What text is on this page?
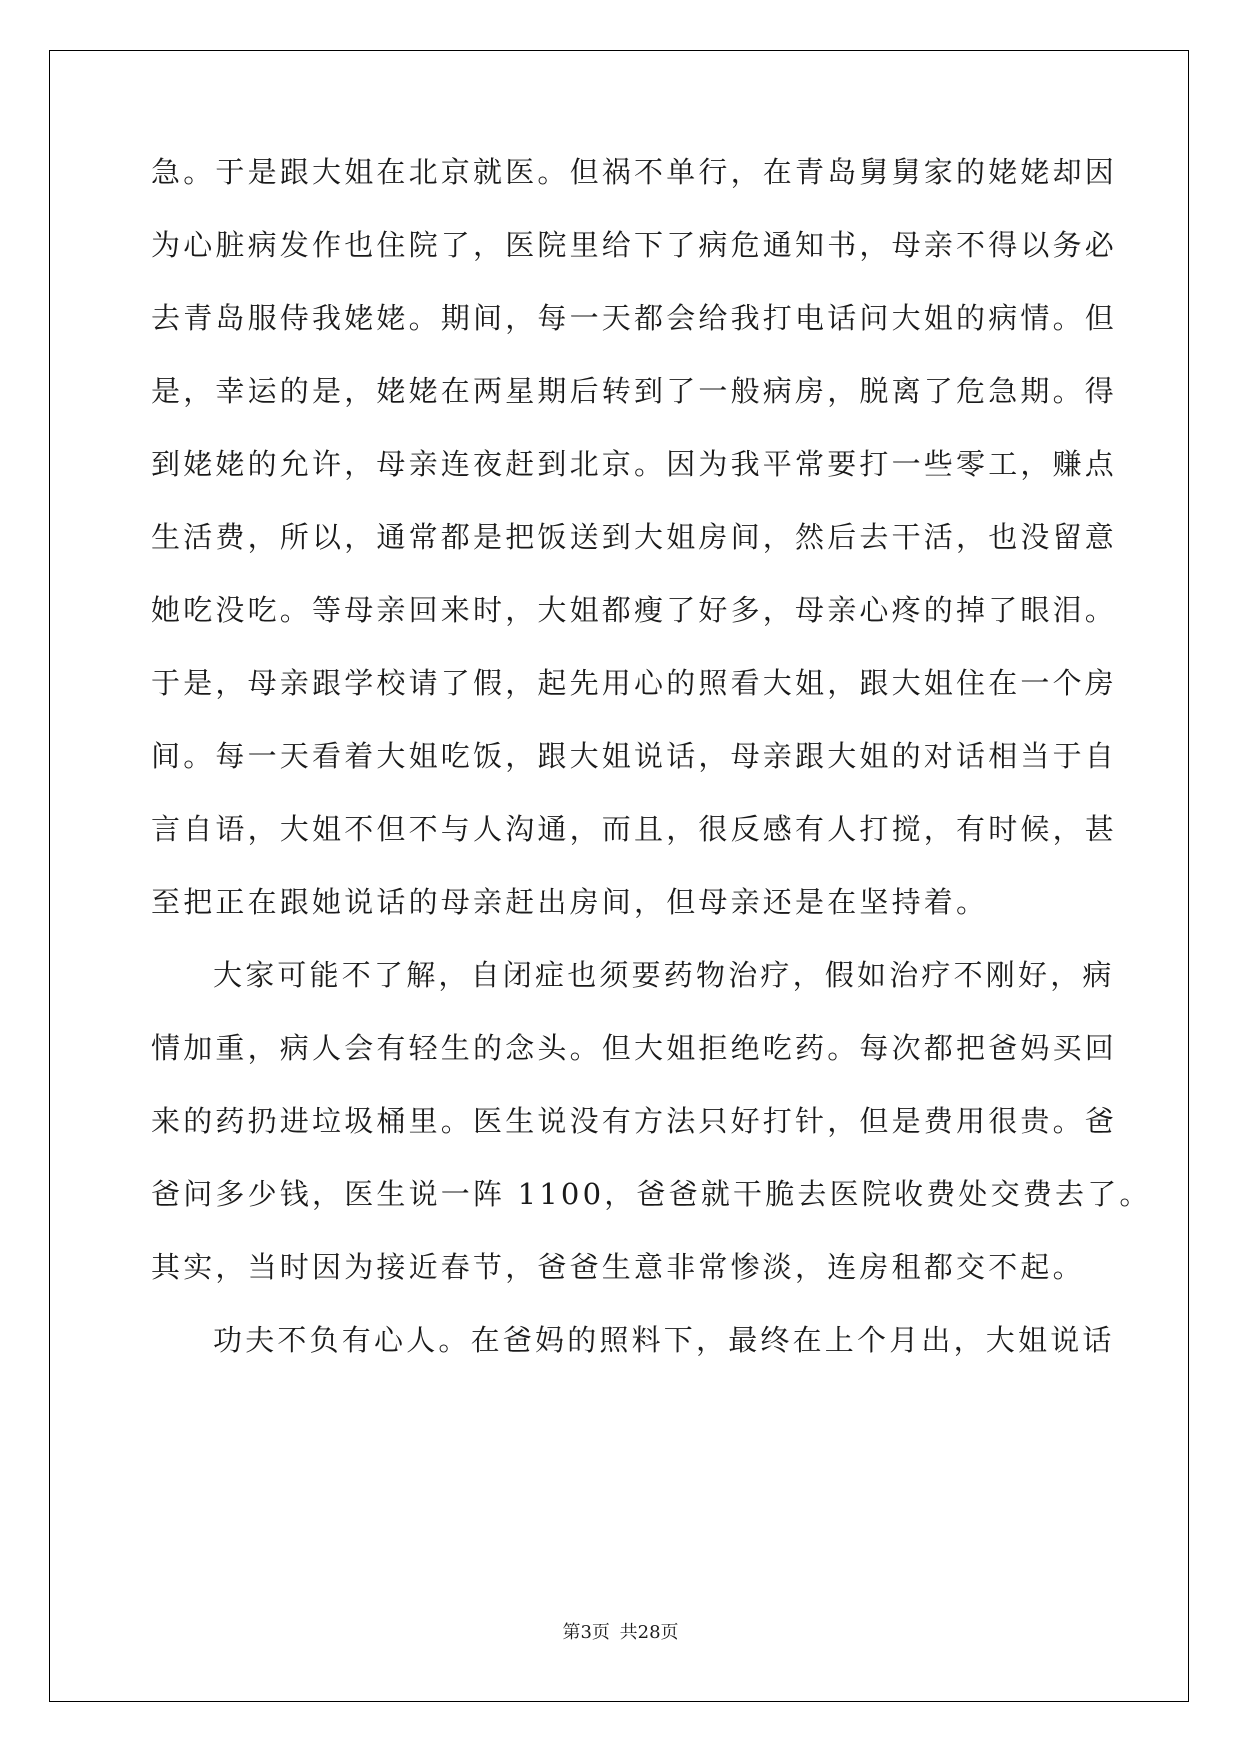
急。于是跟大姐在北京就医。但祸不单行，在青岛舅舅家的姥姥却因
为心脏病发作也住院了，医院里给下了病危通知书，母亲不得以务必
去青岛服侍我姥姥。期间，每一天都会给我打电话问大姐的病情。但
是，幸运的是，姥姥在两星期后转到了一般病房，脱离了危急期。得
到姥姥的允许，母亲连夜赶到北京。因为我平常要打一些零工，赚点
生活费，所以，通常都是把饭送到大姐房间，然后去干活，也没留意
她吃没吃。等母亲回来时，大姐都瘦了好多，母亲心疼的掉了眼泪。
于是，母亲跟学校请了假，起先用心的照看大姐，跟大姐住在一个房
间。每一天看着大姐吃饭，跟大姐说话，母亲跟大姐的对话相当于自
言自语，大姐不但不与人沟通，而且，很反感有人打搅，有时候，甚
至把正在跟她说话的母亲赶出房间，但母亲还是在坚持着。
大家可能不了解，自闭症也须要药物治疗，假如治疗不刚好，病
情加重，病人会有轻生的念头。但大姐拒绝吃药。每次都把爸妈买回
来的药扔进垃圾桶里。医生说没有方法只好打针，但是费用很贵。爸
爸问多少钱，医生说一阵 1100，爸爸就干脆去医院收费处交费去了。
其实，当时因为接近春节，爸爸生意非常惨淡，连房租都交不起。
功夫不负有心人。在爸妈的照料下，最终在上个月出，大姐说话
第3页 共28页
